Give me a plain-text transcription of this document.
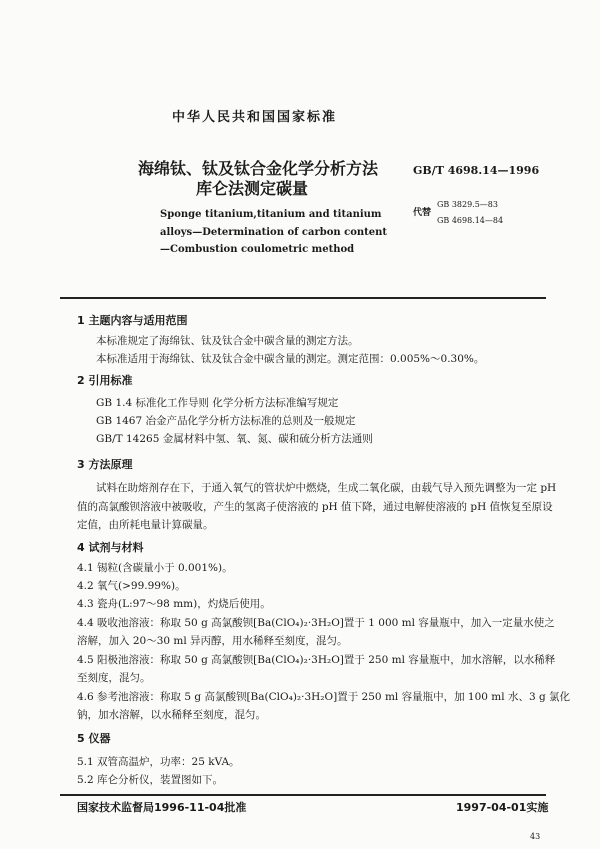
中华人民共和国国家标准
海绵钛、钛及钛合金化学分析方法
库仑法测定碳量
Sponge titanium,titanium and titanium
alloys—Determination of carbon content
—Combustion coulometric method
GB/T 4698.14—1996
代替
GB 3829.5—83
GB 4698.14—84
1 主题内容与适用范围
本标准规定了海绵钛、钛及钛合金中碳含量的测定方法。
本标准适用于海绵钛、钛及钛合金中碳含量的测定。测定范围：0.005%～0.30%。
2 引用标准
GB 1.4 标准化工作导则 化学分析方法标准编写规定
GB 1467 冶金产品化学分析方法标准的总则及一般规定
GB/T 14265 金属材料中氢、氧、氮、碳和硫分析方法通则
3 方法原理
试料在助熔剂存在下，于通入氧气的管状炉中燃烧，生成二氧化碳，由载气导入预先调整为一定 pH
值的高氯酸钡溶液中被吸收，产生的氢离子使溶液的 pH 值下降，通过电解使溶液的 pH 值恢复至原设
定值，由所耗电量计算碳量。
4 试剂与材料
4.1 锡粒(含碳量小于 0.001%)。
4.2 氧气(>99.99%)。
4.3 瓷舟(L:97～98 mm)，灼烧后使用。
4.4 吸收池溶液：称取 50 g 高氯酸钡[Ba(ClO₄)₂·3H₂O]置于 1 000 ml 容量瓶中，加入一定量水使之
溶解，加入 20～30 ml 异丙醇，用水稀释至刻度，混匀。
4.5 阳极池溶液：称取 50 g 高氯酸钡[Ba(ClO₄)₂·3H₂O]置于 250 ml 容量瓶中，加水溶解，以水稀释
至刻度，混匀。
4.6 参考池溶液：称取 5 g 高氯酸钡[Ba(ClO₄)₂·3H₂O]置于 250 ml 容量瓶中，加 100 ml 水、3 g 氯化
钠，加水溶解，以水稀释至刻度，混匀。
5 仪器
5.1 双管高温炉，功率：25 kVA。
5.2 库仑分析仪，装置图如下。
国家技术监督局1996-11-04批准	1997-04-01实施
43
